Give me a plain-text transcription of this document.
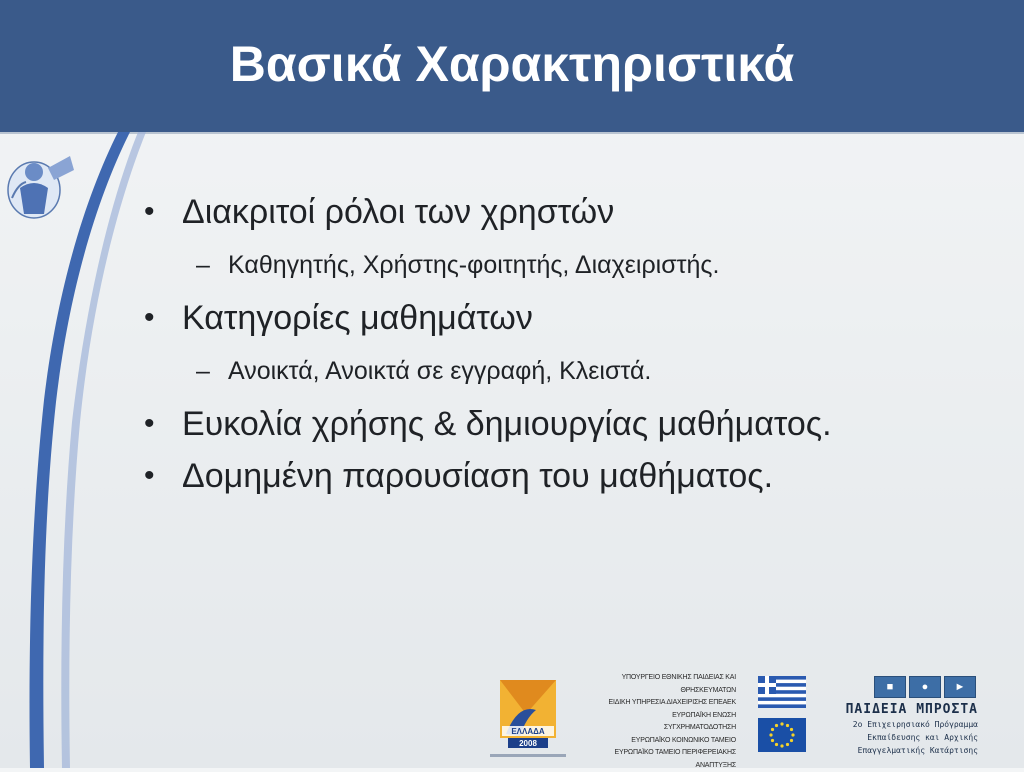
Βασικά Χαρακτηριστικά

• Διακριτοί ρόλοι των χρηστών

– Καθηγητής, Χρήστης-φοιτητής, Διαχειριστής.

• Κατηγορίες μαθημάτων

– Ανοικτά, Ανοικτά σε εγγραφή, Κλειστά.

• Ευκολία χρήσης & δημιουργίας μαθήματος.

• Δομημένη παρουσίαση του μαθήματος.

ΕΛΛΑΔΑ
2008
ΥΠΟΥΡΓΕΙΟ ΕΘΝΙΚΗΣ ΠΑΙΔΕΙΑΣ ΚΑΙ ΘΡΗΣΚΕΥΜΑΤΩΝ
ΕΙΔΙΚΗ ΥΠΗΡΕΣΙΑ ΔΙΑΧΕΙΡΙΣΗΣ ΕΠΕΑΕΚ
ΕΥΡΩΠΑΪΚΗ ΕΝΩΣΗ
ΣΥΓΧΡΗΜΑΤΟΔΟΤΗΣΗ
ΕΥΡΩΠΑΪΚΟ ΚΟΙΝΩΝΙΚΟ ΤΑΜΕΙΟ
ΕΥΡΩΠΑΪΚΟ ΤΑΜΕΙΟ ΠΕΡΙΦΕΡΕΙΑΚΗΣ ΑΝΑΠΤΥΞΗΣ
■	●	►
ΠΑΙΔΕΙΑ ΜΠΡΟΣΤΑ
2ο Επιχειρησιακό Πρόγραμμα
Εκπαίδευσης και Αρχικής
Επαγγελματικής Κατάρτισης
